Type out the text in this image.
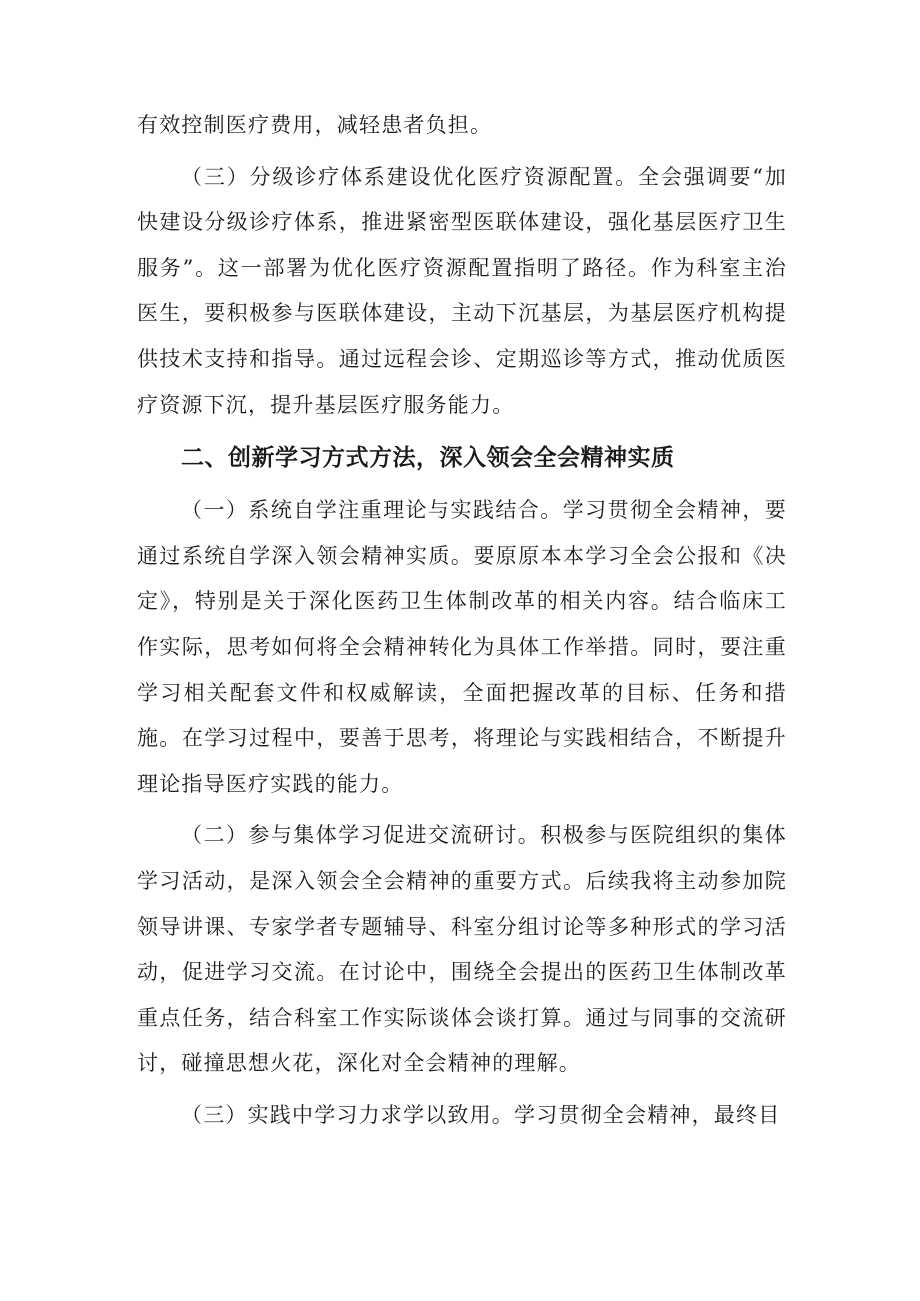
有效控制医疗费用，减轻患者负担。

（三）分级诊疗体系建设优化医疗资源配置。全会强调要“加快建设分级诊疗体系，推进紧密型医联体建设，强化基层医疗卫生服务”。这一部署为优化医疗资源配置指明了路径。作为科室主治医生，要积极参与医联体建设，主动下沉基层，为基层医疗机构提供技术支持和指导。通过远程会诊、定期巡诊等方式，推动优质医疗资源下沉，提升基层医疗服务能力。

二、创新学习方式方法，深入领会全会精神实质

（一）系统自学注重理论与实践结合。学习贯彻全会精神，要通过系统自学深入领会精神实质。要原原本本学习全会公报和《决定》，特别是关于深化医药卫生体制改革的相关内容。结合临床工作实际，思考如何将全会精神转化为具体工作举措。同时，要注重学习相关配套文件和权威解读，全面把握改革的目标、任务和措施。在学习过程中，要善于思考，将理论与实践相结合，不断提升理论指导医疗实践的能力。

（二）参与集体学习促进交流研讨。积极参与医院组织的集体学习活动，是深入领会全会精神的重要方式。后续我将主动参加院领导讲课、专家学者专题辅导、科室分组讨论等多种形式的学习活动，促进学习交流。在讨论中，围绕全会提出的医药卫生体制改革重点任务，结合科室工作实际谈体会谈打算。通过与同事的交流研讨，碰撞思想火花，深化对全会精神的理解。

（三）实践中学习力求学以致用。学习贯彻全会精神，最终目
